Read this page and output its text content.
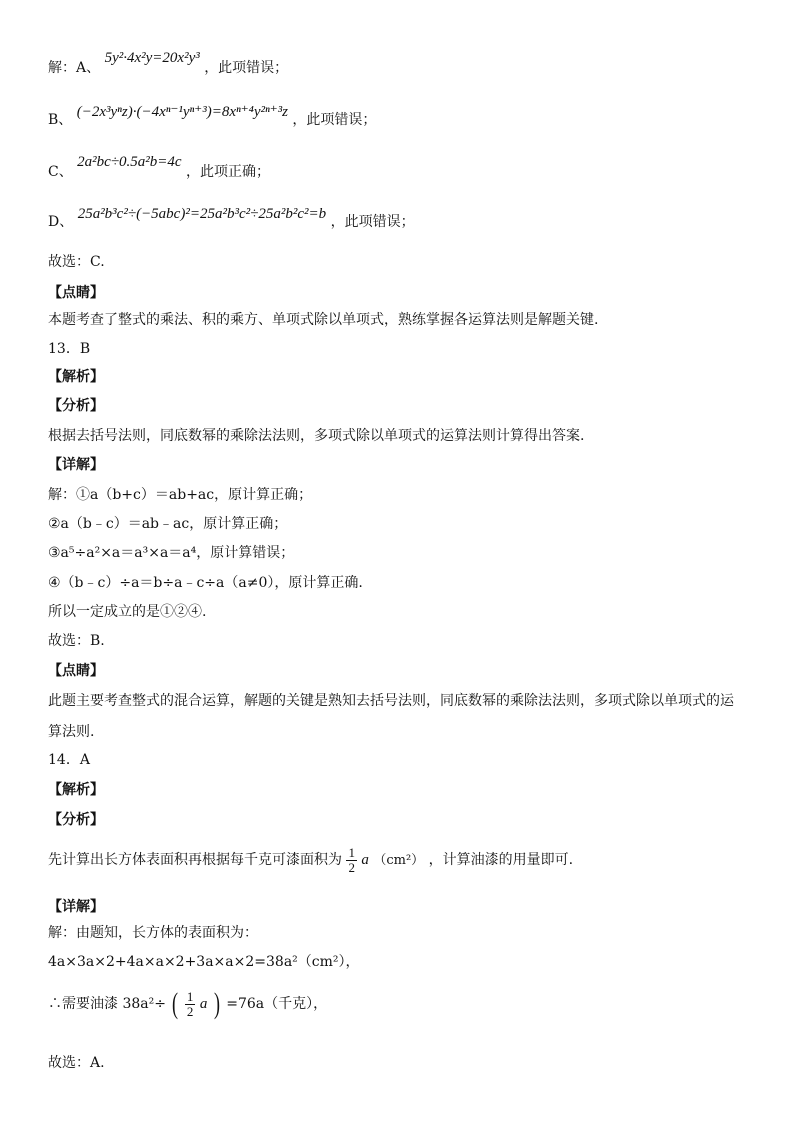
解：A、 5y²·4x²y=20x²y³ ，此项错误；
B、 (−2x³yⁿz)·(−4xⁿ⁻¹yⁿ⁺³)=8xⁿ⁺⁴y²ⁿ⁺³z ，此项错误；
C、 2a²bc÷0.5a²b=4c ，此项正确；
D、 25a²b³c²÷(−5abc)²=25a²b³c²÷25a²b²c²=b ，此项错误；
故选：C.
【点睛】
本题考查了整式的乘法、积的乘方、单项式除以单项式，熟练掌握各运算法则是解题关键.
13．B
【解析】
【分析】
根据去括号法则，同底数幂的乘除法法则，多项式除以单项式的运算法则计算得出答案.
【详解】
解：①a（b+c）＝ab+ac，原计算正确；
②a（b﹣c）＝ab﹣ac，原计算正确；
③a⁵÷a²×a＝a³×a＝a⁴，原计算错误；
④（b﹣c）÷a＝b÷a﹣c÷a（a≠0），原计算正确.
所以一定成立的是①②④.
故选：B.
【点睛】
此题主要考查整式的混合运算，解题的关键是熟知去括号法则，同底数幂的乘除法法则，多项式除以单项式的运
算法则.
14．A
【解析】
【分析】
先计算出长方体表面积再根据每千克可漆面积为 $\frac{1}{2}$ a （cm²） ，计算油漆的用量即可.
【详解】
解：由题知，长方体的表面积为：
4a×3a×2+4a×a×2+3a×a×2=38a²（cm²），
∴需要油漆 38a²÷ ( $\frac{1}{2}$ a ) =76a（千克），
故选：A.
